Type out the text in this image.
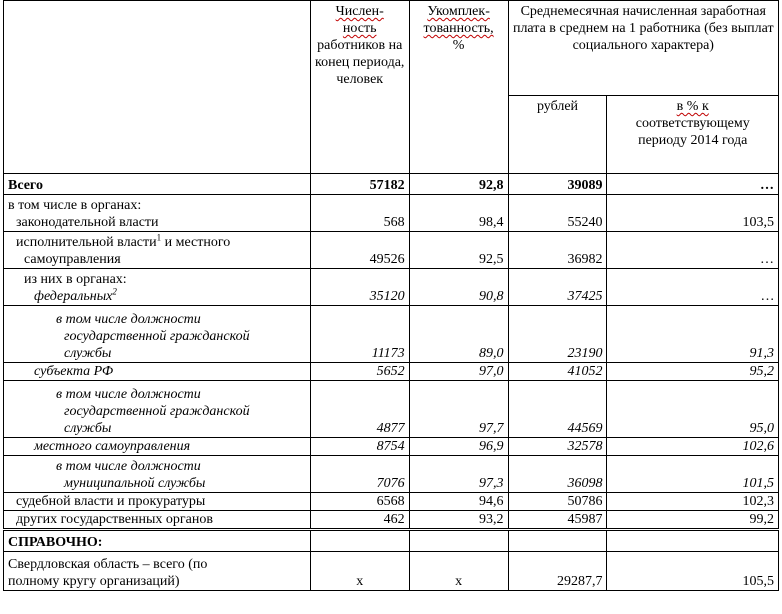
	Числен-
ность
работников на конец периода, человек	Укомплек-
тованность,
%	Среднемесячная начисленная заработная плата в среднем на 1 работника (без выплат социального характера)	
			рублей	в % к
соответствующему периоду 2014 года

Всего	57182	92,8	39089	…

в том числе в органах:
законодательной власти	568	98,4	55240	103,5

исполнительной власти$^1$ и местного
самоуправления	49526	92,5	36982	…

из них в органах:
федеральных$^2$	35120	90,8	37425	…

в том числе должности
государственной гражданской
службы	11173	89,0	23190	91,3

субъекта РФ	5652	97,0	41052	95,2

в том числе должности
государственной гражданской
службы	4877	97,7	44569	95,0

местного самоуправления	8754	96,9	32578	102,6

в том числе должности
муниципальной службы	7076	97,3	36098	101,5

судебной власти и прокуратуры	6568	94,6	50786	102,3

других государственных органов	462	93,2	45987	99,2
СПРАВОЧНО:				

Свердловская область – всего (по
полному кругу организаций)	х	х	29287,7	105,5
